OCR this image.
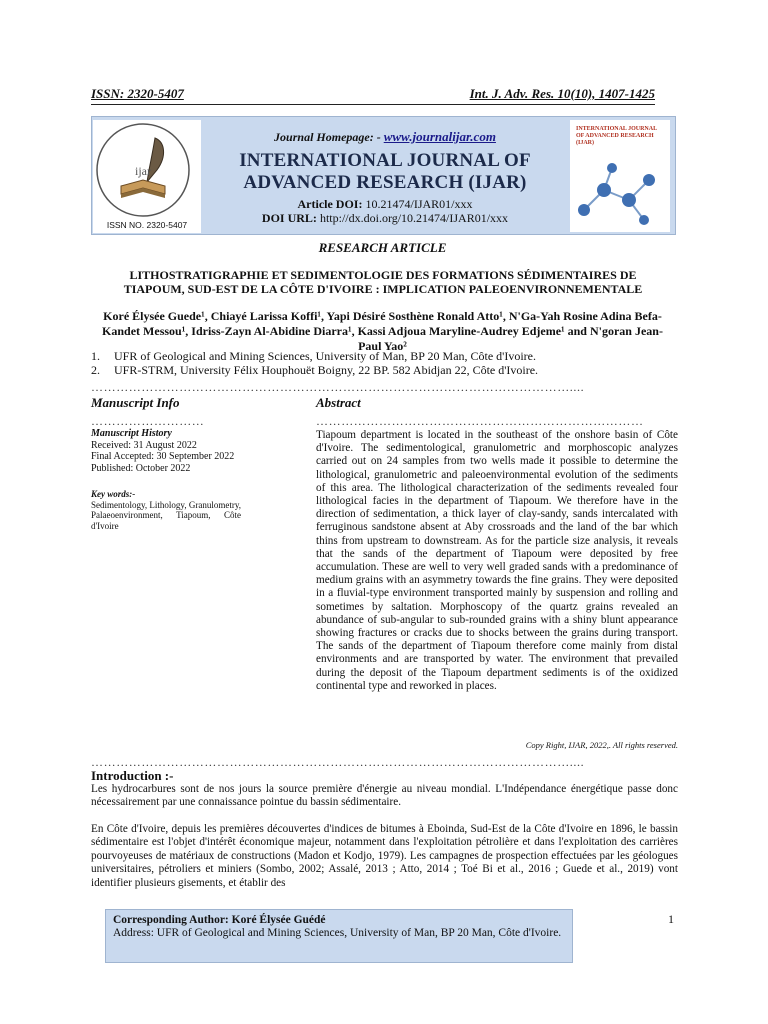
ISSN: 2320-5407	Int. J. Adv. Res. 10(10), 1407-1425
ijar
ISSN NO. 2320-5407
Journal Homepage: - www.journalijar.com
INTERNATIONAL JOURNAL OF
ADVANCED RESEARCH (IJAR)
Article DOI: 10.21474/IJAR01/xxx
DOI URL: http://dx.doi.org/10.21474/IJAR01/xxx
INTERNATIONAL JOURNAL OF ADVANCED RESEARCH (IJAR)
RESEARCH ARTICLE
LITHOSTRATIGRAPHIE ET SEDIMENTOLOGIE DES FORMATIONS SÉDIMENTAIRES DE TIAPOUM, SUD-EST DE LA CÔTE D'IVOIRE : IMPLICATION PALEOENVIRONNEMENTALE
Koré Élysée Guede¹, Chiayé Larissa Koffi¹, Yapi Désiré Sosthène Ronald Atto¹, N'Ga-Yah Rosine Adina Befa-Kandet Messou¹, Idriss-Zayn Al-Abidine Diarra¹, Kassi Adjoua Maryline-Audrey Edjeme¹ and N'goran Jean-Paul Yao²
1. UFR of Geological and Mining Sciences, University of Man, BP 20 Man, Côte d'Ivoire.
2. UFR-STRM, University Félix Houphouët Boigny, 22 BP. 582 Abidjan 22, Côte d'Ivoire.
……………………………………………………………………………………………………....
Manuscript Info	Abstract
………………………	……………………………………………………………………
Manuscript History
Received: 31 August 2022
Final Accepted: 30 September 2022
Published: October 2022
Key words:-
Sedimentology, Lithology, Granulometry, Palaeoenvironment, Tiapoum, Côte d'Ivoire
Tiapoum department is located in the southeast of the onshore basin of Côte d'Ivoire. The sedimentological, granulometric and morphoscopic analyzes carried out on 24 samples from two wells made it possible to determine the lithological, granulometric and paleoenvironmental evolution of the sediments of this area. The lithological characterization of the sediments revealed four lithological facies in the department of Tiapoum. We therefore have in the direction of sedimentation, a thick layer of clay-sandy, sands intercalated with ferruginous sandstone absent at Aby crossroads and the land of the bar which thins from upstream to downstream. As for the particle size analysis, it reveals that the sands of the department of Tiapoum were deposited by free accumulation. These are well to very well graded sands with a predominance of medium grains with an asymmetry towards the fine grains. They were deposited in a fluvial-type environment transported mainly by suspension and rolling and sometimes by saltation. Morphoscopy of the quartz grains revealed an abundance of sub-angular to sub-rounded grains with a shiny blunt appearance showing fractures or cracks due to shocks between the grains during transport. The sands of the department of Tiapoum therefore come mainly from distal environments and are transported by water. The environment that prevailed during the deposit of the Tiapoum department sediments is of the oxidized continental type and reworked in places.
Copy Right, IJAR, 2022,. All rights reserved.
……………………………………………………………………………………………………....
Introduction :-
Les hydrocarbures sont de nos jours la source première d'énergie au niveau mondial. L'Indépendance énergétique passe donc nécessairement par une connaissance pointue du bassin sédimentaire.
En Côte d'Ivoire, depuis les premières découvertes d'indices de bitumes à Eboinda, Sud-Est de la Côte d'Ivoire en 1896, le bassin sédimentaire est l'objet d'intérêt économique majeur, notamment dans l'exploitation pétrolière et dans l'exploitation des carrières pourvoyeuses de matériaux de constructions (Madon et Kodjo, 1979). Les campagnes de prospection effectuées par les géologues universitaires, pétroliers et miniers (Sombo, 2002; Assalé, 2013 ; Atto, 2014 ; Toé Bi et al., 2016 ; Guede et al., 2019) vont identifier plusieurs gisements, et établir des
Corresponding Author: Koré Élysée Guédé
Address: UFR of Geological and Mining Sciences, University of Man, BP 20 Man, Côte d'Ivoire.
1
